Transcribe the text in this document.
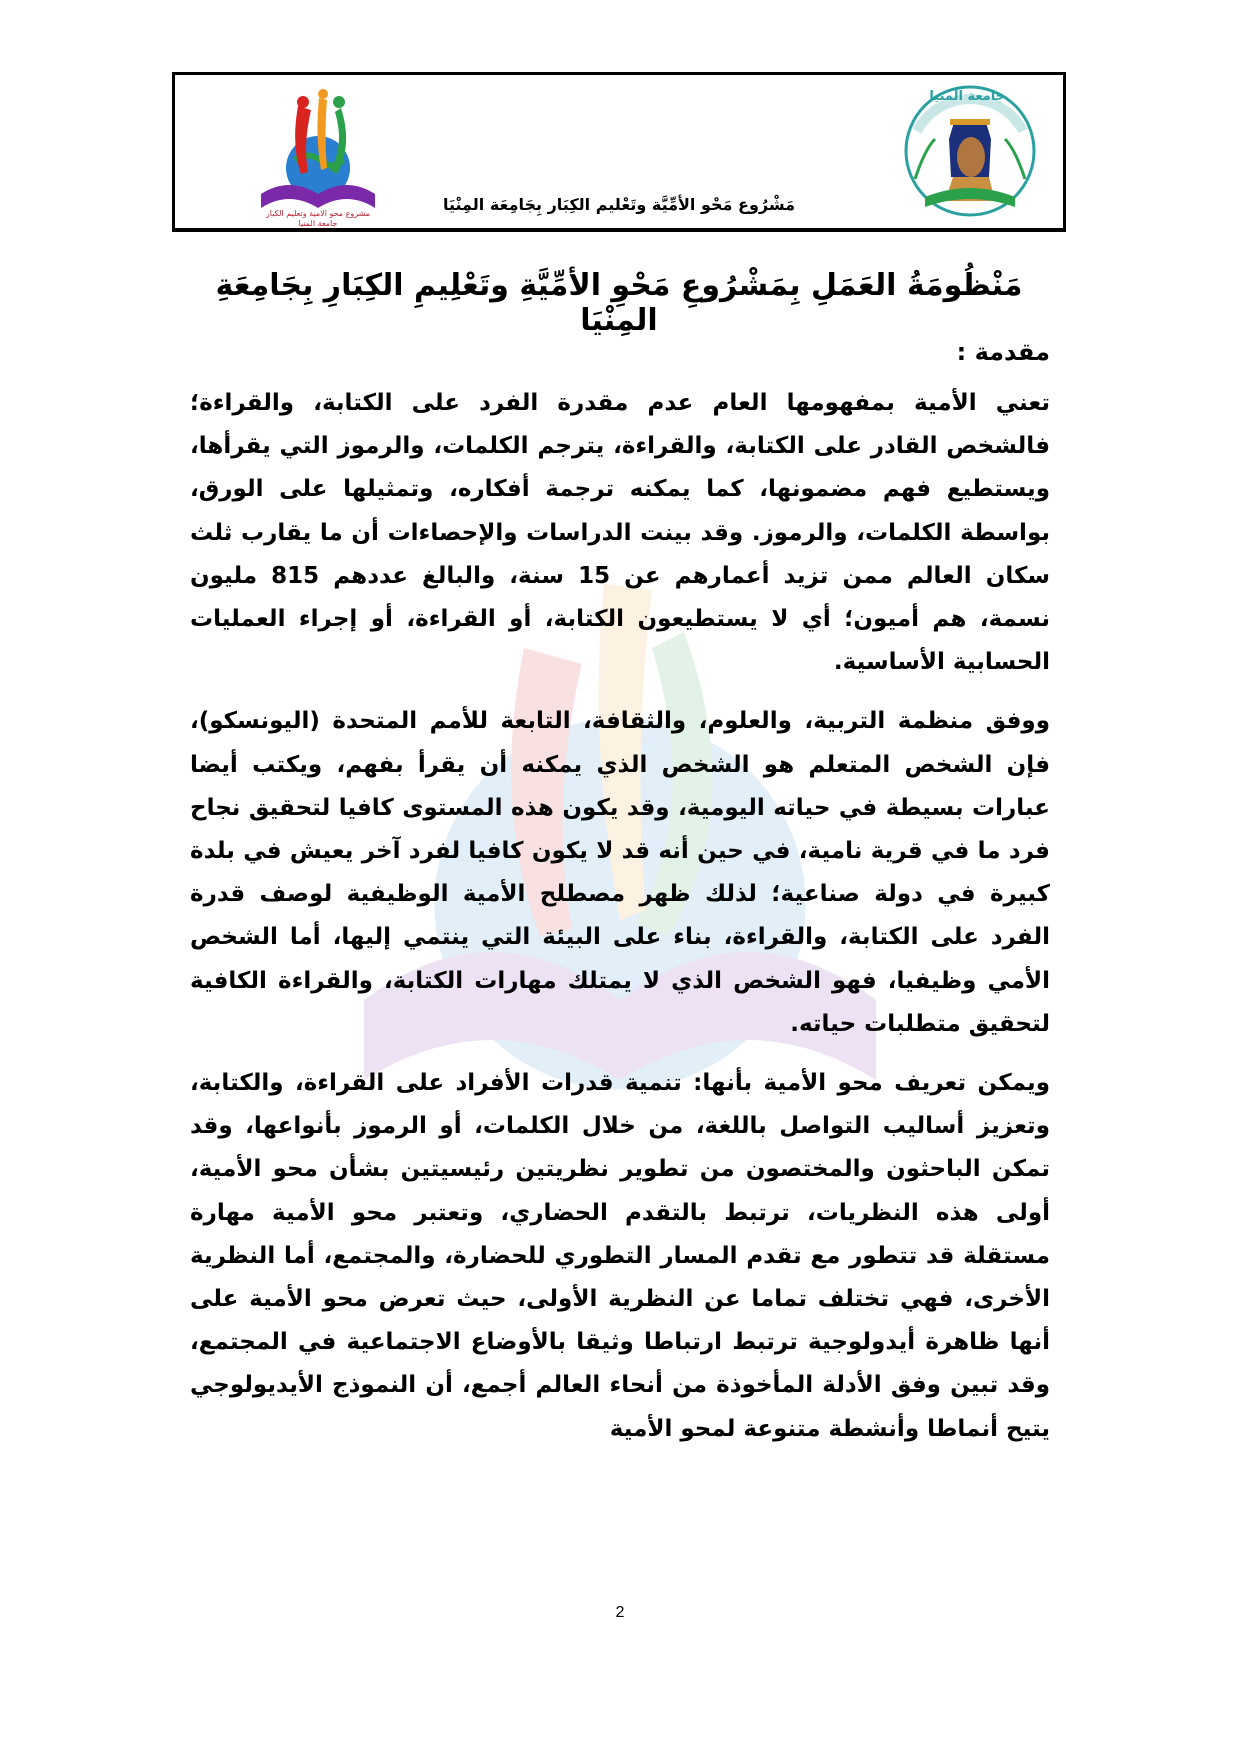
جامعة المنيا
مشروع محو الامية وتعليم الكبار
جامعة المنيا
مَشْرُوع مَحْو الأمِّيَّة وتَعْليم الكِبَار بِجَامِعَة المِنْيَا
مَنْظُومَةُ العَمَلِ بِمَشْرُوعِ مَحْوِ الأمِّيَّةِ وتَعْلِيمِ الكِبَارِ بِجَامِعَةِ المِنْيَا
مقدمة :

تعني الأمية بمفهومها العام عدم مقدرة الفرد على الكتابة، والقراءة؛ فالشخص القادر على الكتابة، والقراءة، يترجم الكلمات، والرموز التي يقرأها، ويستطيع فهم مضمونها، كما يمكنه ترجمة أفكاره، وتمثيلها على الورق، بواسطة الكلمات، والرموز. وقد بينت الدراسات والإحصاءات أن ما يقارب ثلث سكان العالم ممن تزيد أعمارهم عن 15 سنة، والبالغ عددهم 815 مليون نسمة، هم أميون؛ أي لا يستطيعون الكتابة، أو القراءة، أو إجراء العمليات الحسابية الأساسية.

ووفق منظمة التربية، والعلوم، والثقافة، التابعة للأمم المتحدة (اليونسكو)، فإن الشخص المتعلم هو الشخص الذي يمكنه أن يقرأ بفهم، ويكتب أيضا عبارات بسيطة في حياته اليومية، وقد يكون هذه المستوى كافيا لتحقيق نجاح فرد ما في قرية نامية، في حين أنه قد لا يكون كافيا لفرد آخر يعيش في بلدة كبيرة في دولة صناعية؛ لذلك ظهر مصطلح الأمية الوظيفية لوصف قدرة الفرد على الكتابة، والقراءة، بناء على البيئة التي ينتمي إليها، أما الشخص الأمي وظيفيا، فهو الشخص الذي لا يمتلك مهارات الكتابة، والقراءة الكافية لتحقيق متطلبات حياته.

ويمكن تعريف محو الأمية بأنها: تنمية قدرات الأفراد على القراءة، والكتابة، وتعزيز أساليب التواصل باللغة، من خلال الكلمات، أو الرموز بأنواعها، وقد تمكن الباحثون والمختصون من تطوير نظريتين رئيسيتين بشأن محو الأمية، أولى هذه النظريات، ترتبط بالتقدم الحضاري، وتعتبر محو الأمية مهارة مستقلة قد تتطور مع تقدم المسار التطوري للحضارة، والمجتمع، أما النظرية الأخرى، فهي تختلف تماما عن النظرية الأولى، حيث تعرض محو الأمية على أنها ظاهرة أيدولوجية ترتبط ارتباطا وثيقا بالأوضاع الاجتماعية في المجتمع، وقد تبين وفق الأدلة المأخوذة من أنحاء العالم أجمع، أن النموذج الأيديولوجي يتيح أنماطا وأنشطة متنوعة لمحو الأمية

2
